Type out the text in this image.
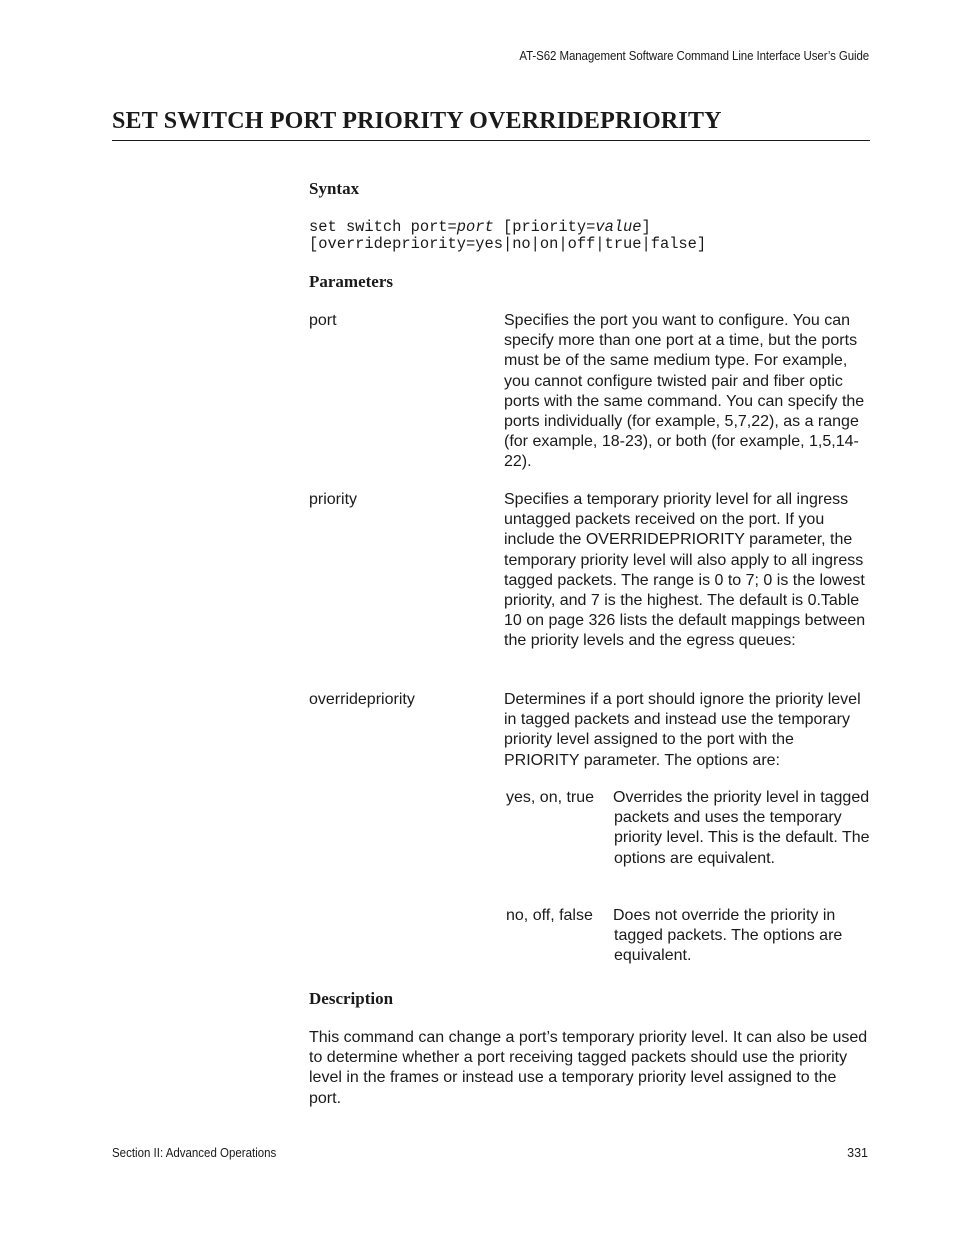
AT-S62 Management Software Command Line Interface User’s Guide
SET SWITCH PORT PRIORITY OVERRIDEPRIORITY
Syntax
set switch port=port [priority=value]
[overridepriority=yes|no|on|off|true|false]
Parameters
port	Specifies the port you want to configure. You can specify more than one port at a time, but the ports must be of the same medium type. For example, you cannot configure twisted pair and fiber optic ports with the same command. You can specify the ports individually (for example, 5,7,22), as a range (for example, 18-23), or both (for example, 1,5,14-22).
priority	Specifies a temporary priority level for all ingress untagged packets received on the port. If you include the OVERRIDEPRIORITY parameter, the temporary priority level will also apply to all ingress tagged packets. The range is 0 to 7; 0 is the lowest priority, and 7 is the highest. The default is 0.Table 10 on page 326 lists the default mappings between the priority levels and the egress queues:
overridepriority	Determines if a port should ignore the priority level in tagged packets and instead use the temporary priority level assigned to the port with the PRIORITY parameter. The options are:
yes, on, true Overrides the priority level in tagged packets and uses the temporary priority level. This is the default. The options are equivalent.
no, off, false Does not override the priority in tagged packets. The options are equivalent.
Description
This command can change a port’s temporary priority level. It can also be used to determine whether a port receiving tagged packets should use the priority level in the frames or instead use a temporary priority level assigned to the port.
Section II: Advanced Operations	331
